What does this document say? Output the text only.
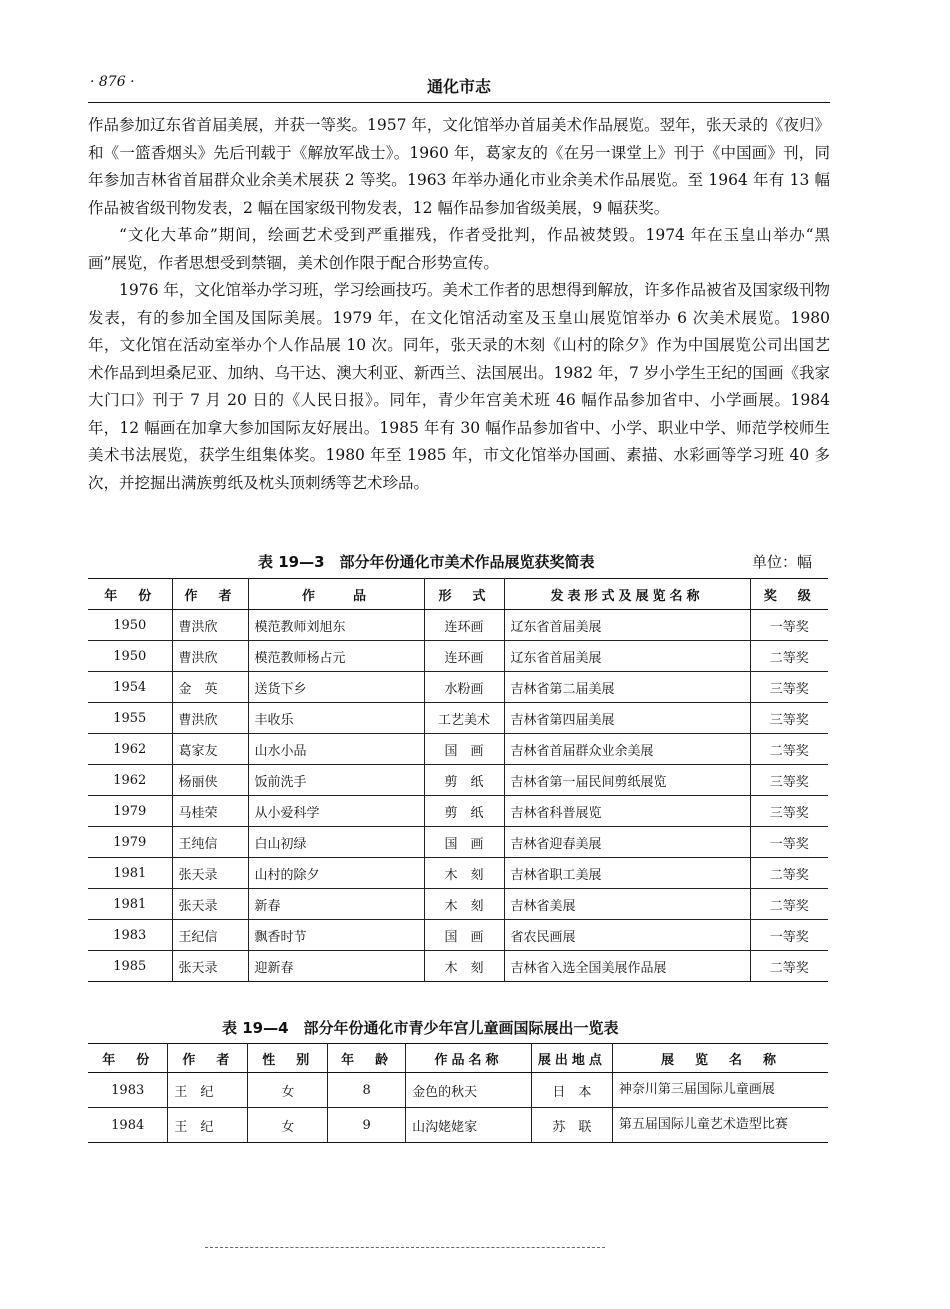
· 876 ·	通化市志

作品参加辽东省首届美展，并获一等奖。1957 年，文化馆举办首届美术作品展览。翌年，张天录的《夜归》和《一篮香烟头》先后刊载于《解放军战士》。1960 年，葛家友的《在另一课堂上》刊于《中国画》刊，同年参加吉林省首届群众业余美术展获 2 等奖。1963 年举办通化市业余美术作品展览。至 1964 年有 13 幅作品被省级刊物发表，2 幅在国家级刊物发表，12 幅作品参加省级美展，9 幅获奖。

“文化大革命”期间，绘画艺术受到严重摧残，作者受批判，作品被焚毁。1974 年在玉皇山举办“黑画”展览，作者思想受到禁锢，美术创作限于配合形势宣传。

1976 年，文化馆举办学习班，学习绘画技巧。美术工作者的思想得到解放，许多作品被省及国家级刊物发表，有的参加全国及国际美展。1979 年，在文化馆活动室及玉皇山展览馆举办 6 次美术展览。1980 年，文化馆在活动室举办个人作品展 10 次。同年，张天录的木刻《山村的除夕》作为中国展览公司出国艺术作品到坦桑尼亚、加纳、乌干达、澳大利亚、新西兰、法国展出。1982 年，7 岁小学生王纪的国画《我家大门口》刊于 7 月 20 日的《人民日报》。同年，青少年宫美术班 46 幅作品参加省中、小学画展。1984 年，12 幅画在加拿大参加国际友好展出。1985 年有 30 幅作品参加省中、小学、职业中学、师范学校师生美术书法展览，获学生组集体奖。1980 年至 1985 年，市文化馆举办国画、素描、水彩画等学习班 40 多次，并挖掘出满族剪纸及枕头顶刺绣等艺术珍品。

表 19—3　部分年份通化市美术作品展览获奖简表	单位：幅
年　份	作　者	作　　品	形　式	发表形式及展览名称	奖　级
1950	曹洪欣	模范教师刘旭东	连环画	辽东省首届美展	一等奖
1950	曹洪欣	模范教师杨占元	连环画	辽东省首届美展	二等奖
1954	金　英	送货下乡	水粉画	吉林省第二届美展	三等奖
1955	曹洪欣	丰收乐	工艺美术	吉林省第四届美展	三等奖
1962	葛家友	山水小品	国　画	吉林省首届群众业余美展	二等奖
1962	杨丽侠	饭前洗手	剪　纸	吉林省第一届民间剪纸展览	三等奖
1979	马桂荣	从小爱科学	剪　纸	吉林省科普展览	三等奖
1979	王纯信	白山初绿	国　画	吉林省迎春美展	一等奖
1981	张天录	山村的除夕	木　刻	吉林省职工美展	二等奖
1981	张天录	新春	木　刻	吉林省美展	二等奖
1983	王纪信	飘香时节	国　画	省农民画展	一等奖
1985	张天录	迎新春	木　刻	吉林省入选全国美展作品展	二等奖
表 19—4　部分年份通化市青少年宫儿童画国际展出一览表
年　份	作　者	性　别	年　龄	作品名称	展出地点	展　览　名　称
1983	王　纪	女	8	金色的秋天	日　本	神奈川第三届国际儿童画展
1984	王　纪	女	9	山沟姥姥家	苏　联	第五届国际儿童艺术造型比赛
